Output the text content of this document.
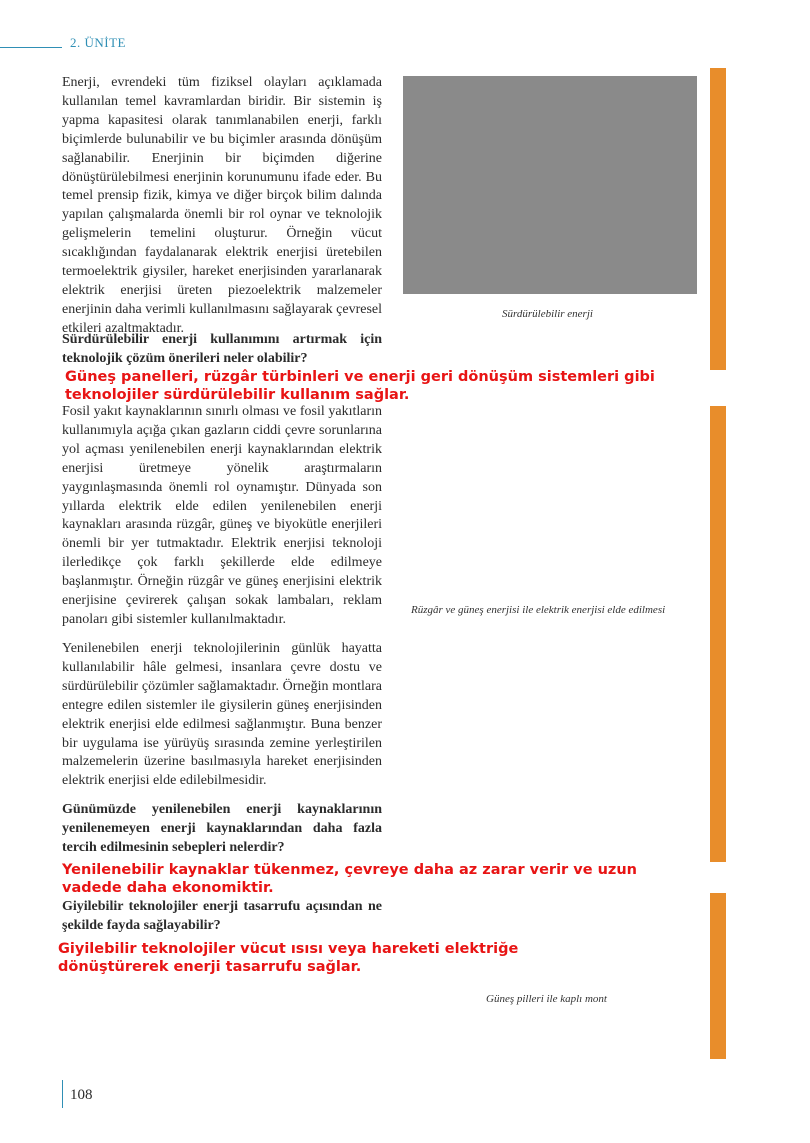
2. ÜNİTE
Sürdürülebilir enerji
Rüzgâr ve güneş enerjisi ile elektrik enerjisi elde edilmesi
Güneş pilleri ile kaplı mont

Enerji, evrendeki tüm fiziksel olayları açıklamada kullanılan temel kavramlardan biridir. Bir sistemin iş yapma kapasitesi olarak tanımlanabilen enerji, farklı biçimlerde bulunabilir ve bu biçimler arasında dönüşüm sağlanabilir. Enerjinin bir biçimden diğerine dönüştürülebilmesi enerjinin korunumunu ifade eder. Bu temel prensip fizik, kimya ve diğer birçok bilim dalında yapılan çalışmalarda önemli bir rol oynar ve teknolojik gelişmelerin temelini oluşturur. Örneğin vücut sıcaklığından faydalanarak elektrik enerjisi üretebilen termoelektrik giysiler, hareket enerjisinden yararlanarak elektrik enerjisi üreten piezoelektrik malzemeler enerjinin daha verimli kullanılmasını sağlayarak çevresel etkileri azaltmaktadır.

Sürdürülebilir enerji kullanımını artırmak için teknolojik çözüm önerileri neler olabilir?

Güneş panelleri, rüzgâr türbinleri ve enerji geri dönüşüm sistemleri gibi teknolojiler sürdürülebilir kullanım sağlar.

Fosil yakıt kaynaklarının sınırlı olması ve fosil yakıtların kullanımıyla açığa çıkan gazların ciddi çevre sorunlarına yol açması yenilenebilen enerji kaynaklarından elektrik enerjisi üretmeye yönelik araştırmaların yaygınlaşmasında önemli rol oynamıştır. Dünyada son yıllarda elektrik elde edilen yenilenebilen enerji kaynakları arasında rüzgâr, güneş ve biyokütle enerjileri önemli bir yer tutmaktadır. Elektrik enerjisi teknoloji ilerledikçe çok farklı şekillerde elde edilmeye başlanmıştır. Örneğin rüzgâr ve güneş enerjisini elektrik enerjisine çevirerek çalışan sokak lambaları, reklam panoları gibi sistemler kullanılmaktadır.

Yenilenebilen enerji teknolojilerinin günlük hayatta kullanılabilir hâle gelmesi, insanlara çevre dostu ve sürdürülebilir çözümler sağlamaktadır. Örneğin montlara entegre edilen sistemler ile giysilerin güneş enerjisinden elektrik enerjisi elde edilmesi sağlanmıştır. Buna benzer bir uygulama ise yürüyüş sırasında zemine yerleştirilen malzemelerin üzerine basılmasıyla hareket enerjisinden elektrik enerjisi elde edilebilmesidir.

Günümüzde yenilenebilen enerji kaynaklarının yenilenemeyen enerji kaynaklarından daha fazla tercih edilmesinin sebepleri nelerdir?

Yenilenebilir kaynaklar tükenmez, çevreye daha az zarar verir ve uzun vadede daha ekonomiktir.

Giyilebilir teknolojiler enerji tasarrufu açısından ne şekilde fayda sağlayabilir?

Giyilebilir teknolojiler vücut ısısı veya hareketi elektriğe dönüştürerek enerji tasarrufu sağlar.

108
